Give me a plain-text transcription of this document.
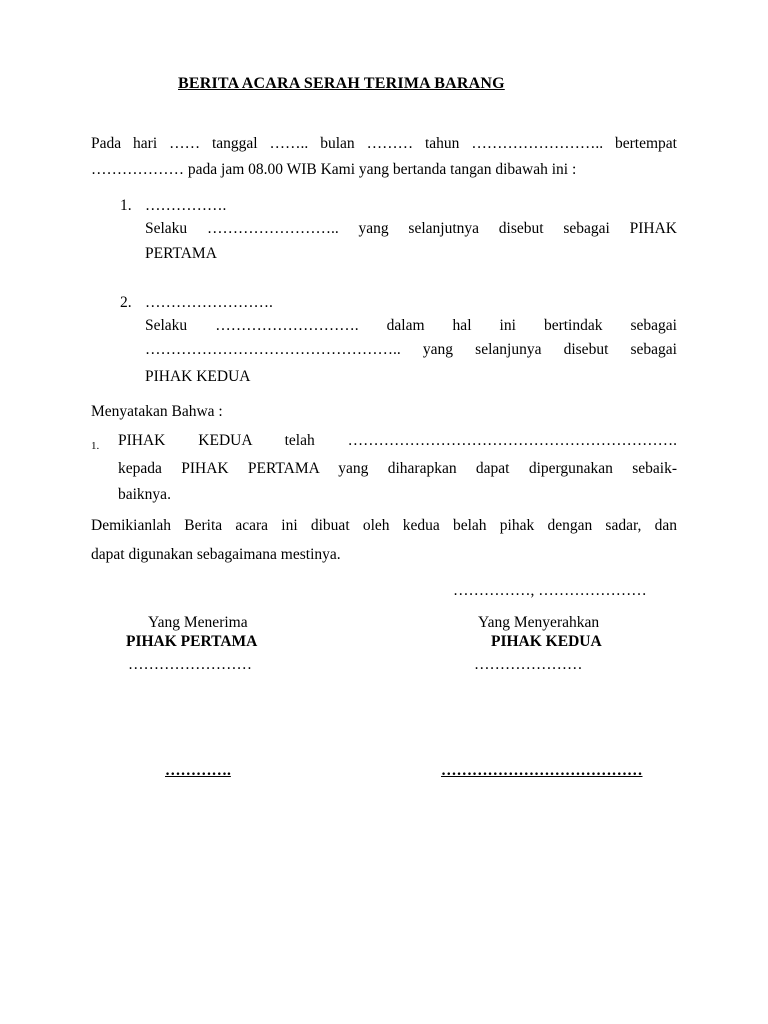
BERITA ACARA SERAH TERIMA BARANG
Pada hari …… tanggal …….. bulan ……… tahun …………………….. bertempat
……………… pada jam 08.00 WIB Kami yang bertanda tangan dibawah ini :
1. …………….
Selaku …………………….. yang selanjutnya disebut sebagai PIHAK
PERTAMA
2. …………………….
Selaku ………………………. dalam hal ini bertindak sebagai
………………………………………….. yang selanjunya disebut sebagai
PIHAK KEDUA
Menyatakan Bahwa :
1. PIHAK KEDUA telah ……………………………………………………….
kepada PIHAK PERTAMA yang diharapkan dapat dipergunakan sebaik-
baiknya.
Demikianlah Berita acara ini dibuat oleh kedua belah pihak dengan sadar, dan
dapat digunakan sebagaimana mestinya.
……………, …………………
Yang Menerima
PIHAK PERTAMA
……………………
Yang Menyerahkan
PIHAK KEDUA
…………………
………….	…………………………………
